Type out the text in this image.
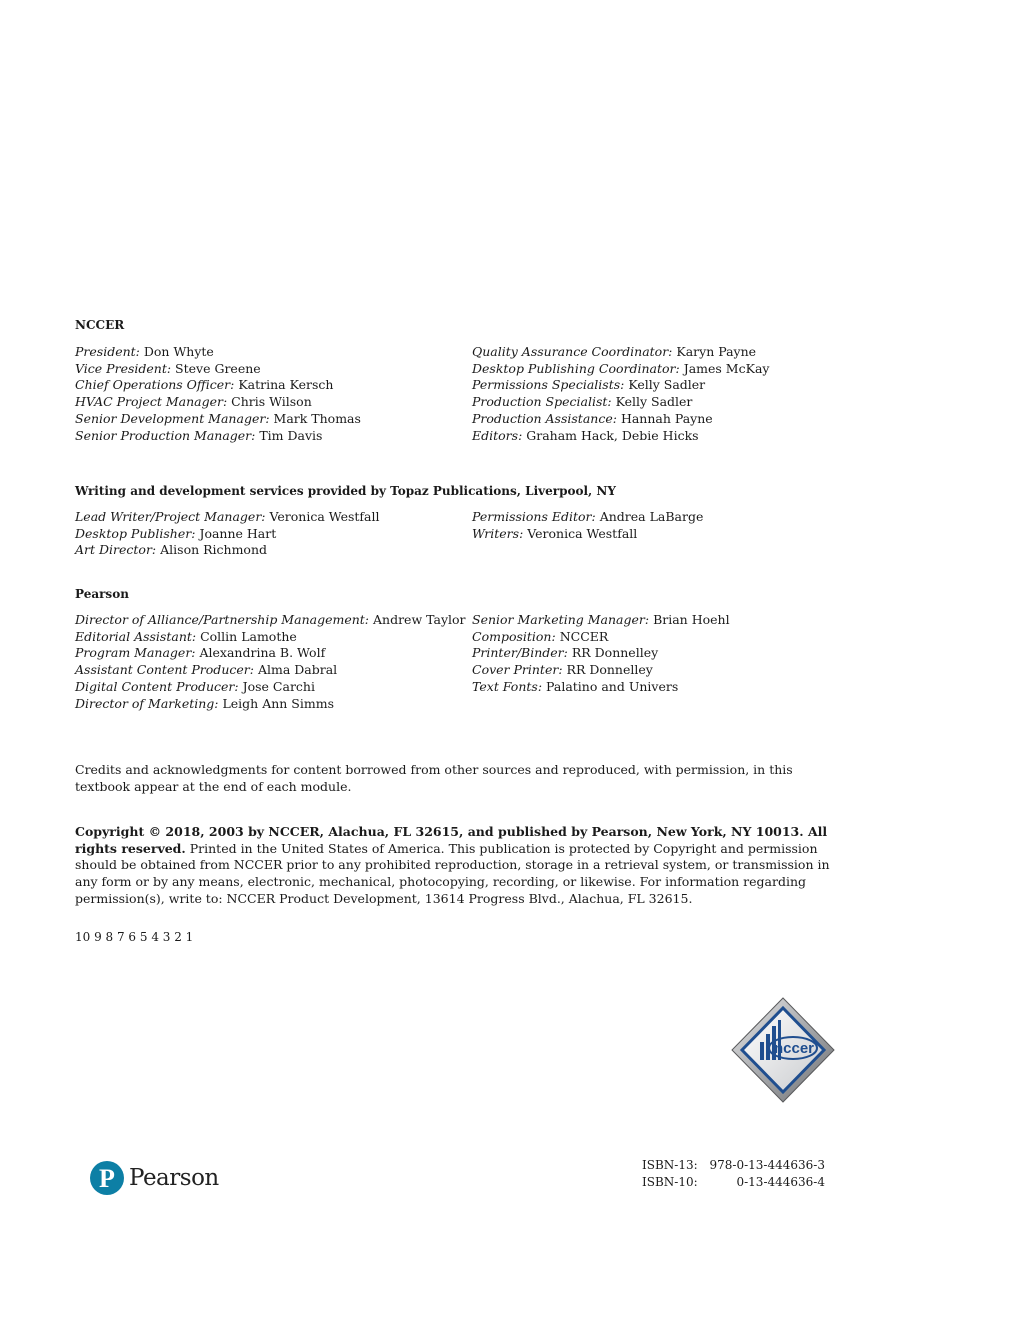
NCCER
President: Don Whyte
Vice President: Steve Greene
Chief Operations Officer: Katrina Kersch
HVAC Project Manager: Chris Wilson
Senior Development Manager: Mark Thomas
Senior Production Manager: Tim Davis
Quality Assurance Coordinator: Karyn Payne
Desktop Publishing Coordinator: James McKay
Permissions Specialists: Kelly Sadler
Production Specialist: Kelly Sadler
Production Assistance: Hannah Payne
Editors: Graham Hack, Debie Hicks
Writing and development services provided by Topaz Publications, Liverpool, NY
Lead Writer/Project Manager: Veronica Westfall
Desktop Publisher: Joanne Hart
Art Director: Alison Richmond
Permissions Editor: Andrea LaBarge
Writers: Veronica Westfall
Pearson
Director of Alliance/Partnership Management: Andrew Taylor
Editorial Assistant: Collin Lamothe
Program Manager: Alexandrina B. Wolf
Assistant Content Producer: Alma Dabral
Digital Content Producer: Jose Carchi
Director of Marketing: Leigh Ann Simms
Senior Marketing Manager: Brian Hoehl
Composition: NCCER
Printer/Binder: RR Donnelley
Cover Printer: RR Donnelley
Text Fonts: Palatino and Univers
Credits and acknowledgments for content borrowed from other sources and reproduced, with permission, in this textbook appear at the end of each module.
Copyright © 2018, 2003 by NCCER, Alachua, FL 32615, and published by Pearson, New York, NY 10013. All rights reserved. Printed in the United States of America. This publication is protected by Copyright and permission should be obtained from NCCER prior to any prohibited reproduction, storage in a retrieval system, or transmission in any form or by any means, electronic, mechanical, photocopying, recording, or likewise. For information regarding permission(s), write to: NCCER Product Development, 13614 Progress Blvd., Alachua, FL 32615.
10 9 8 7 6 5 4 3 2 1
nccer
P Pearson	ISBN-13: 978-0-13-444636-3
ISBN-10:	0-13-444636-4
